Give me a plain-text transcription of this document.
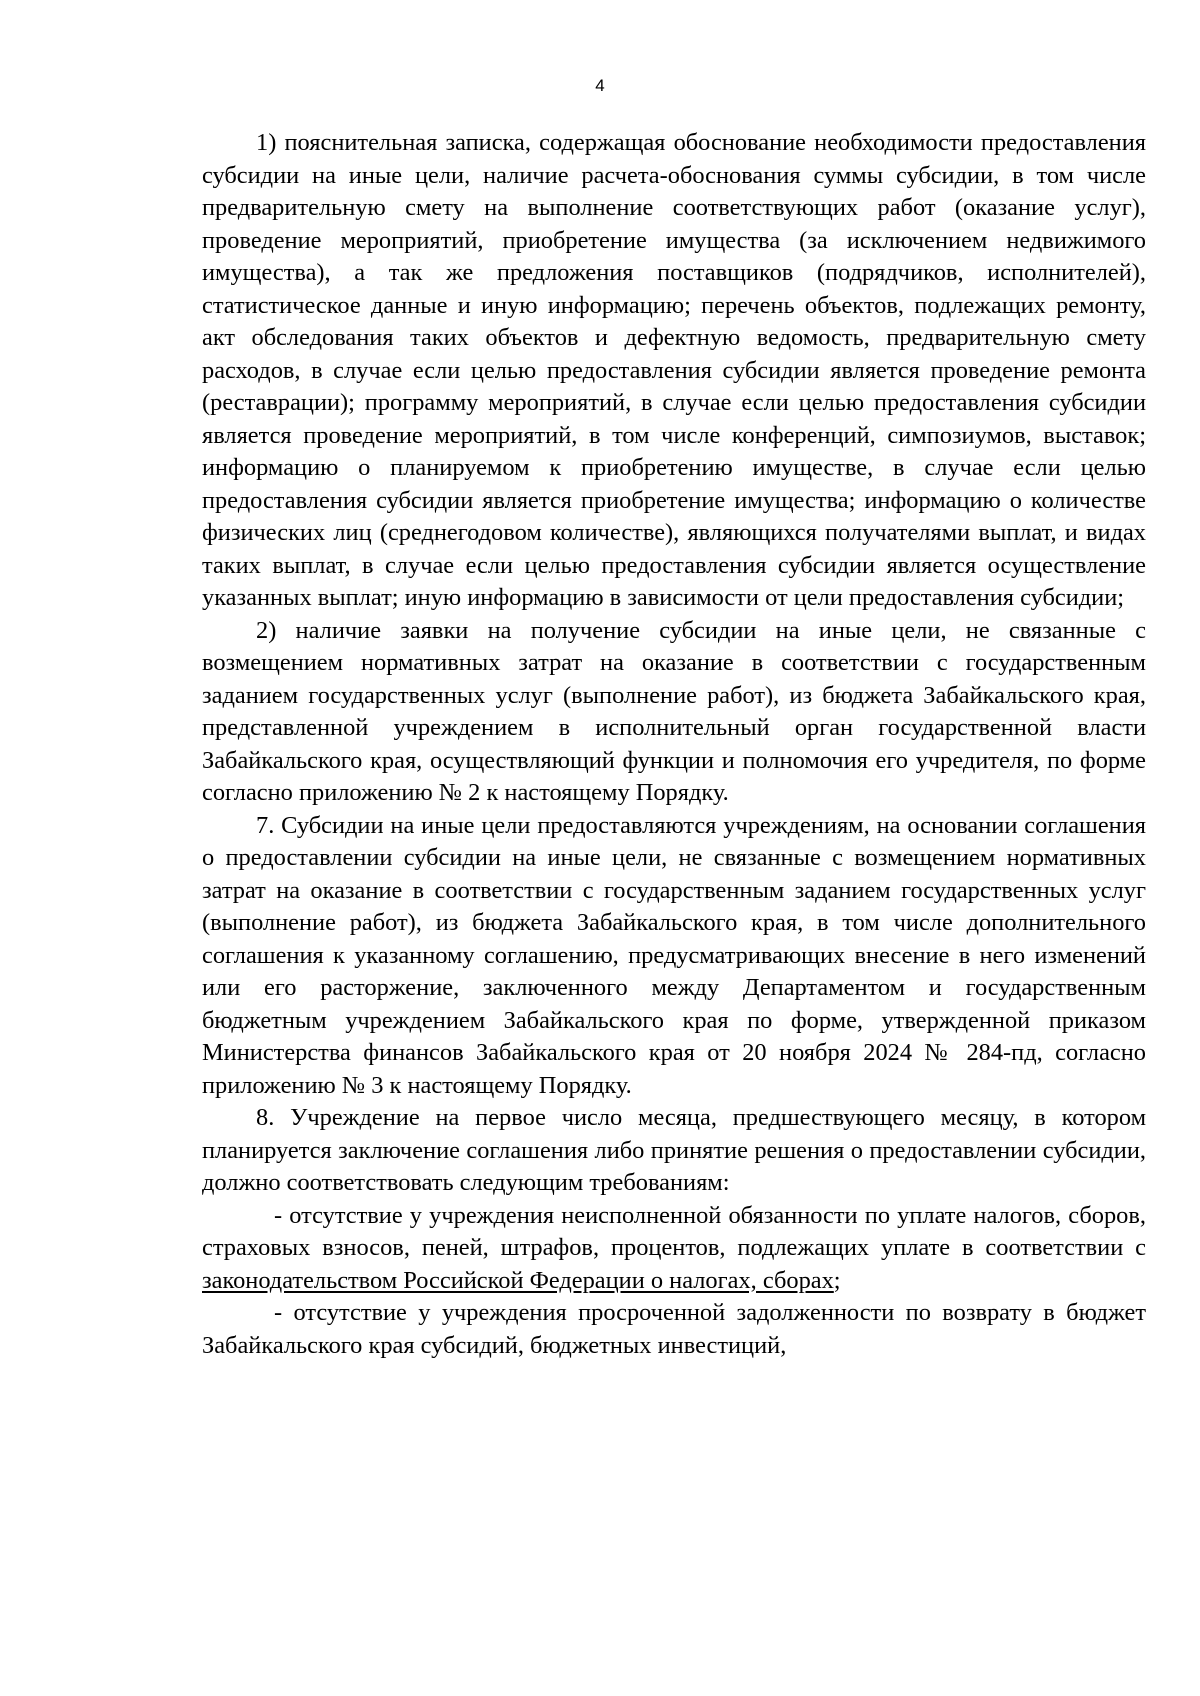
4

1) пояснительная записка, содержащая обоснование необходимости предоставления субсидии на иные цели, наличие расчета-обоснования суммы субсидии, в том числе предварительную смету на выполнение соответствующих работ (оказание услуг), проведение мероприятий, приобретение имущества (за исключением недвижимого имущества), а так же предложения поставщиков (подрядчиков, исполнителей), статистическое данные и иную информацию; перечень объектов, подлежащих ремонту, акт обследования таких объектов и дефектную ведомость, предварительную смету расходов, в случае если целью предоставления субсидии является проведение ремонта (реставрации); программу мероприятий, в случае если целью предоставления субсидии является проведение мероприятий, в том числе конференций, симпозиумов, выставок; информацию о планируемом к приобретению имуществе, в случае если целью предоставления субсидии является приобретение имущества; информацию о количестве физических лиц (среднегодовом количестве), являющихся получателями выплат, и видах таких выплат, в случае если целью предоставления субсидии является осуществление указанных выплат; иную информацию в зависимости от цели предоставления субсидии;

2) наличие заявки на получение субсидии на иные цели, не связанные с возмещением нормативных затрат на оказание в соответствии с государственным заданием государственных услуг (выполнение работ), из бюджета Забайкальского края, представленной учреждением в исполнительный орган государственной власти Забайкальского края, осуществляющий функции и полномочия его учредителя, по форме согласно приложению № 2 к настоящему Порядку.

7. Субсидии на иные цели предоставляются учреждениям, на основании соглашения о предоставлении субсидии на иные цели, не связанные с возмещением нормативных затрат на оказание в соответствии с государственным заданием государственных услуг (выполнение работ), из бюджета Забайкальского края, в том числе дополнительного соглашения к указанному соглашению, предусматривающих внесение в него изменений или его расторжение, заключенного между Департаментом и государственным бюджетным учреждением Забайкальского края по форме, утвержденной приказом Министерства финансов Забайкальского края от 20 ноября 2024 № 284-пд, согласно приложению № 3 к настоящему Порядку.

8. Учреждение на первое число месяца, предшествующего месяцу, в котором планируется заключение соглашения либо принятие решения о предоставлении субсидии, должно соответствовать следующим требованиям:

- отсутствие у учреждения неисполненной обязанности по уплате налогов, сборов, страховых взносов, пеней, штрафов, процентов, подлежащих уплате в соответствии с законодательством Российской Федерации о налогах, сборах;

- отсутствие у учреждения просроченной задолженности по возврату в бюджет Забайкальского края субсидий, бюджетных инвестиций,
